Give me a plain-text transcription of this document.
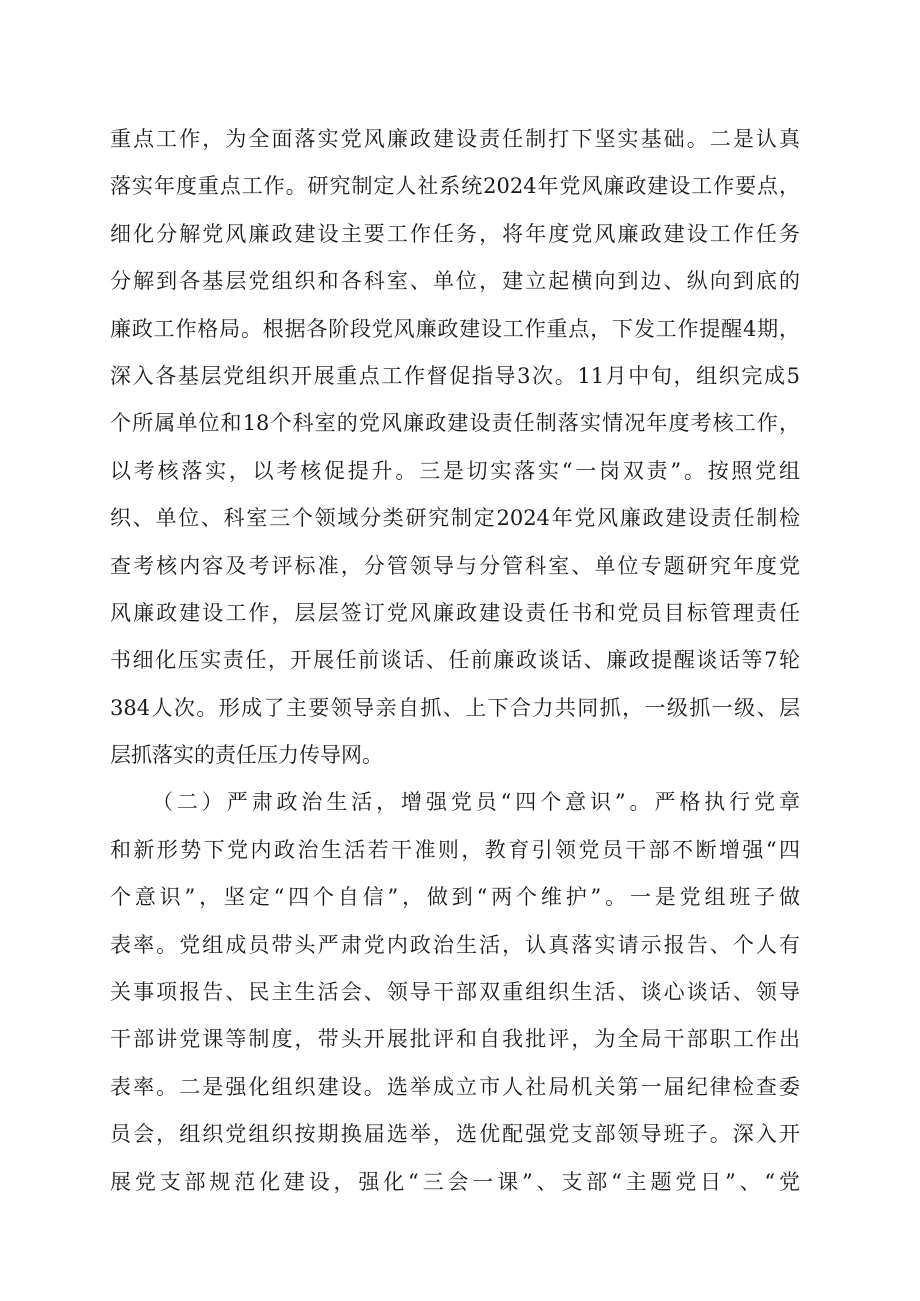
重点工作，为全面落实党风廉政建设责任制打下坚实基础。二是认真
落实年度重点工作。研究制定人社系统2024年党风廉政建设工作要点，
细化分解党风廉政建设主要工作任务，将年度党风廉政建设工作任务
分解到各基层党组织和各科室、单位，建立起横向到边、纵向到底的
廉政工作格局。根据各阶段党风廉政建设工作重点，下发工作提醒4期，
深入各基层党组织开展重点工作督促指导3次。11月中旬，组织完成5
个所属单位和18个科室的党风廉政建设责任制落实情况年度考核工作，
以考核落实，以考核促提升。三是切实落实“一岗双责”。按照党组
织、单位、科室三个领域分类研究制定2024年党风廉政建设责任制检
查考核内容及考评标准，分管领导与分管科室、单位专题研究年度党
风廉政建设工作，层层签订党风廉政建设责任书和党员目标管理责任
书细化压实责任，开展任前谈话、任前廉政谈话、廉政提醒谈话等7轮
384人次。形成了主要领导亲自抓、上下合力共同抓，一级抓一级、层
层抓落实的责任压力传导网。
（二）严肃政治生活，增强党员“四个意识”。严格执行党章
和新形势下党内政治生活若干准则，教育引领党员干部不断增强“四
个意识”，坚定“四个自信”，做到“两个维护”。一是党组班子做
表率。党组成员带头严肃党内政治生活，认真落实请示报告、个人有
关事项报告、民主生活会、领导干部双重组织生活、谈心谈话、领导
干部讲党课等制度，带头开展批评和自我批评，为全局干部职工作出
表率。二是强化组织建设。选举成立市人社局机关第一届纪律检查委
员会，组织党组织按期换届选举，选优配强党支部领导班子。深入开
展党支部规范化建设，强化“三会一课”、支部“主题党日”、“党
